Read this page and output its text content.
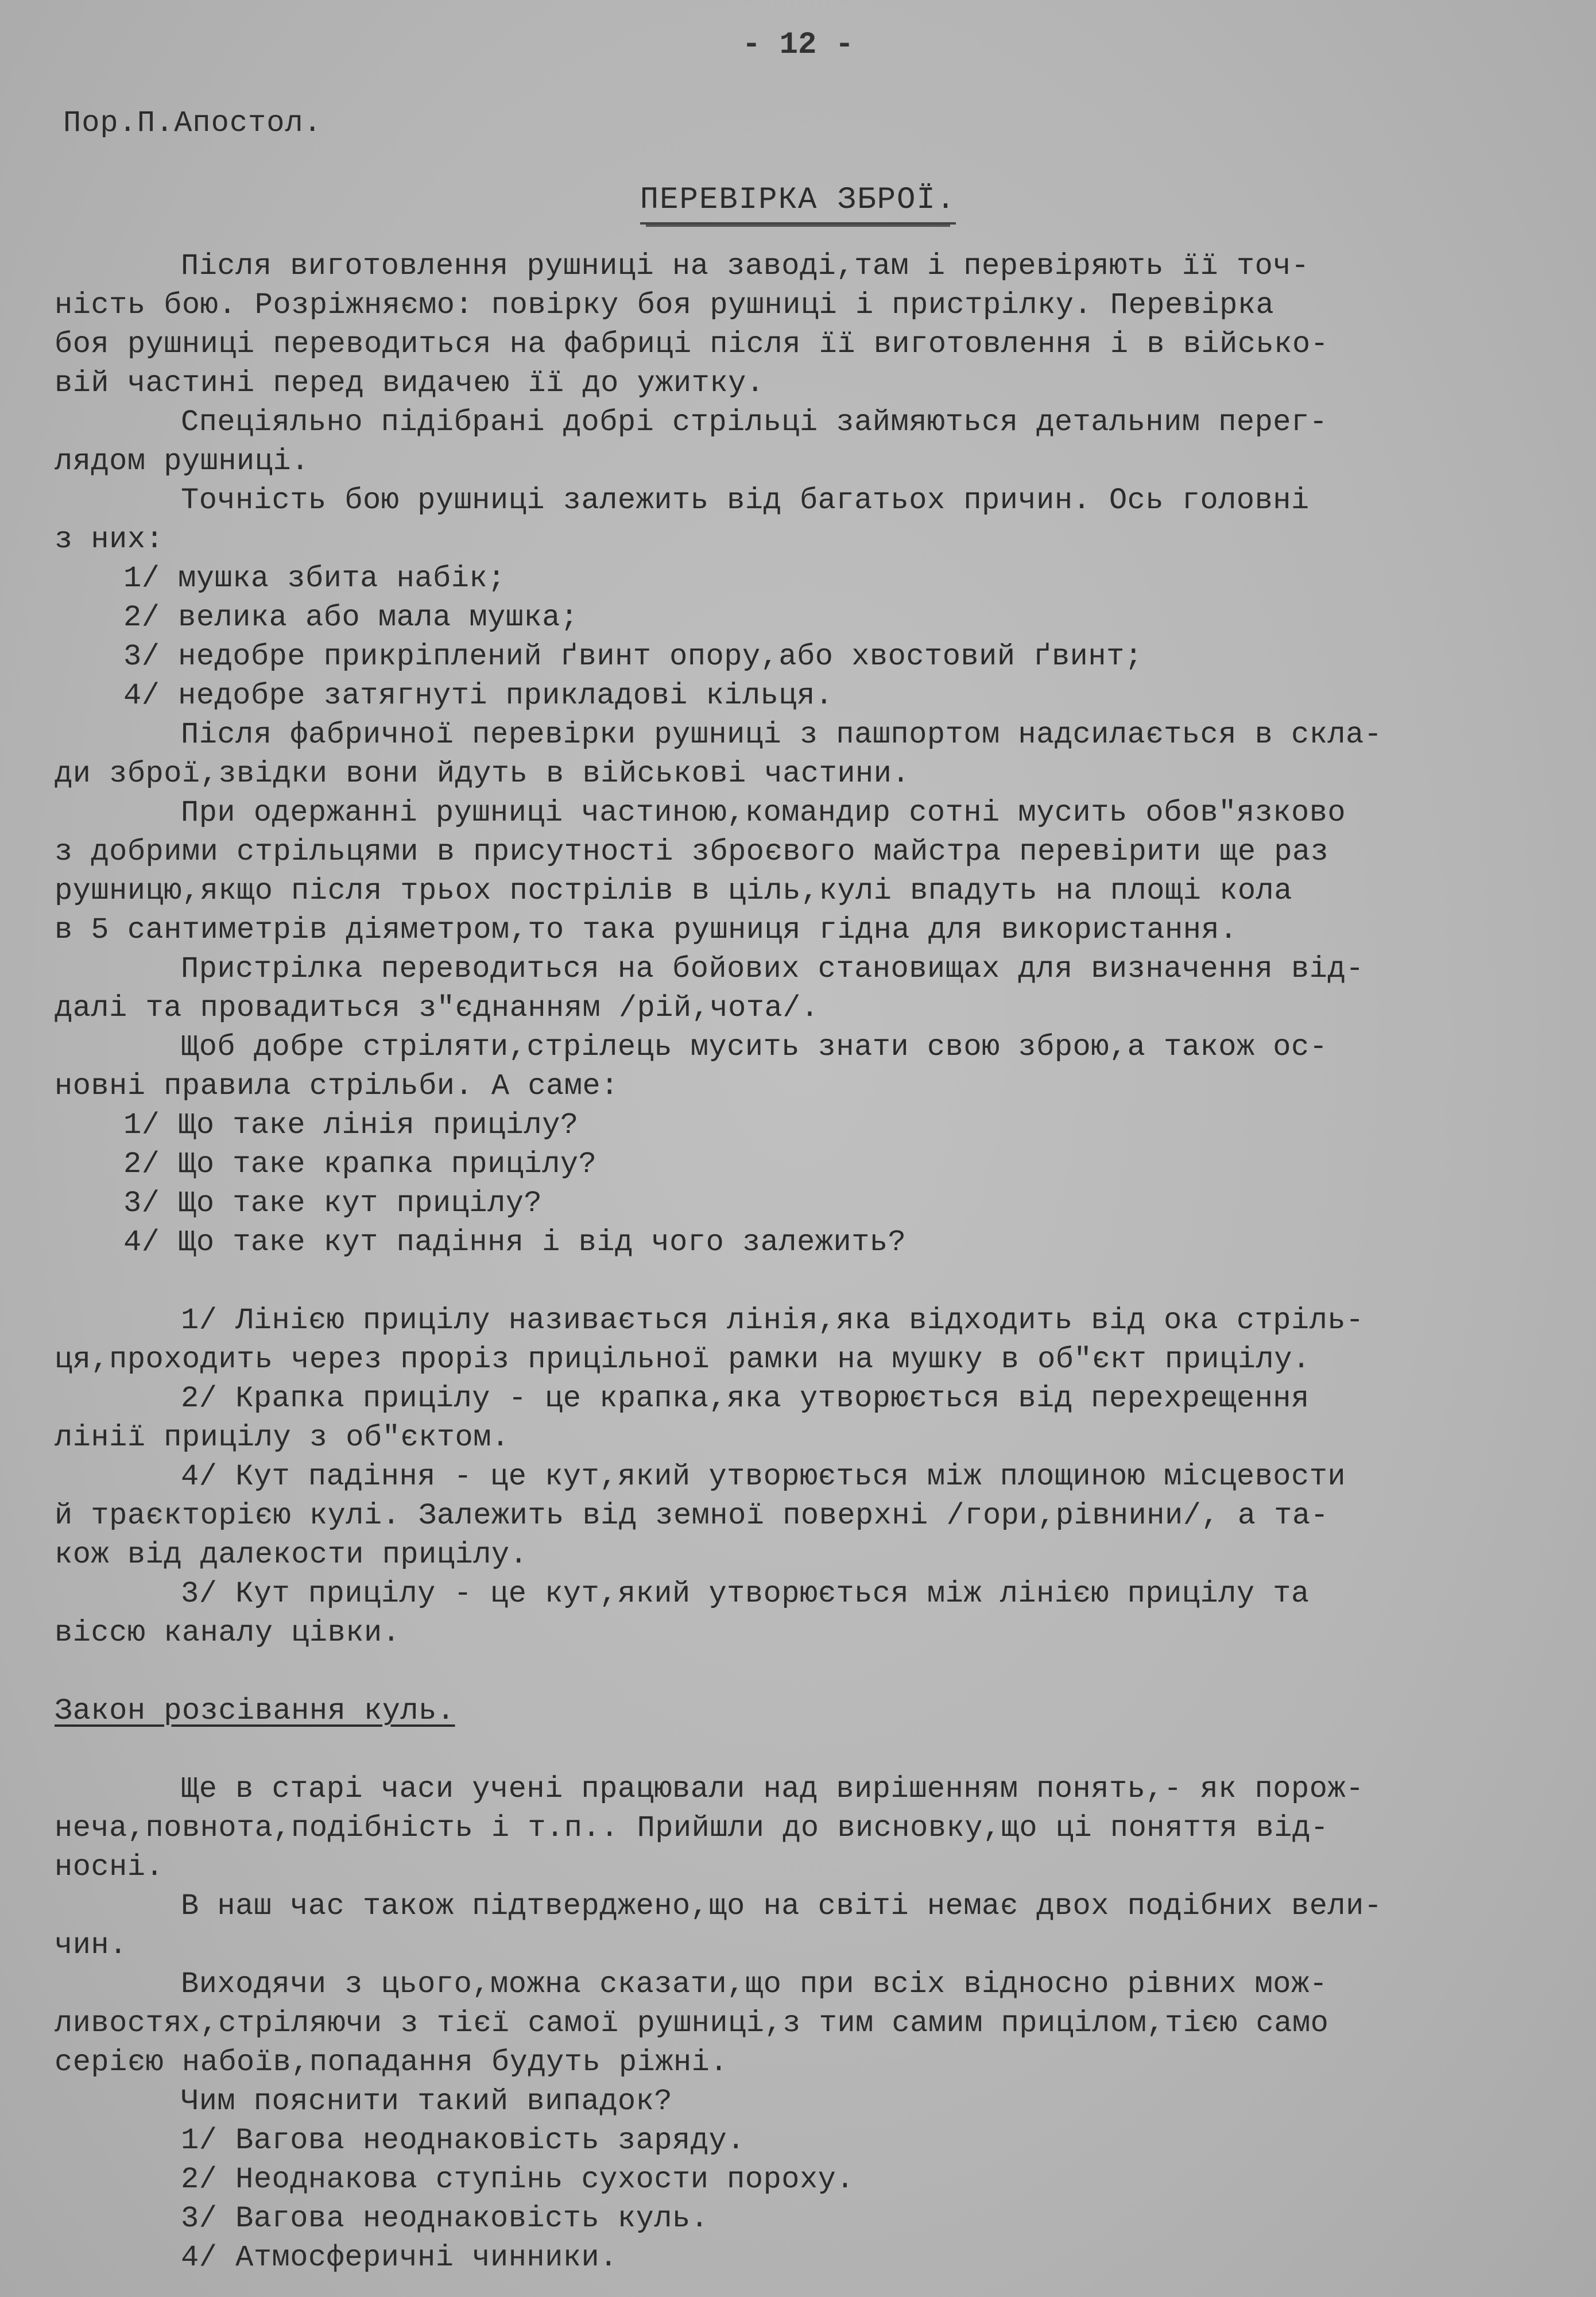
- 12 -
Пор.П.Апостол.
ПЕРЕВІРКА ЗБРОЇ.
Після виготовлення рушниці на заводі,там і перевіряють її точ-
ність бою. Розріжняємо: повірку боя рушниці і пристрілку. Перевірка
боя рушниці переводиться на фабриці після її виготовлення і в військо-
вій частині перед видачею її до ужитку.
Спеціяльно підібрані добрі стрільці займяються детальним перег-
лядом рушниці.
Точність бою рушниці залежить від багатьох причин. Ось головні
з них:
1/ мушка збита набік;
2/ велика або мала мушка;
3/ недобре прикріплений ґвинт опору,або хвостовий ґвинт;
4/ недобре затягнуті прикладові кільця.
Після фабричної перевірки рушниці з пашпортом надсилається в скла-
ди зброї,звідки вони йдуть в військові частини.
При одержанні рушниці частиною,командир сотні мусить обов"язково
з добрими стрільцями в присутності зброєвого майстра перевірити ще раз
рушницю,якщо після трьох пострілів в ціль,кулі впадуть на площі кола
в 5 сантиметрів діяметром,то така рушниця гідна для використання.
Пристрілка переводиться на бойових становищах для визначення від-
далі та провадиться з"єднанням /рій,чота/.
Щоб добре стріляти,стрілець мусить знати свою зброю,а також ос-
новні правила стрільби. А саме:
1/ Що таке лінія прицілу?
2/ Що таке крапка прицілу?
3/ Що таке кут прицілу?
4/ Що таке кут падіння і від чого залежить?
1/ Лінією прицілу називається лінія,яка відходить від ока стріль-
ця,проходить через проріз прицільної рамки на мушку в об"єкт прицілу.
2/ Крапка прицілу - це крапка,яка утворюється від перехрещення
лінії прицілу з об"єктом.
4/ Кут падіння - це кут,який утворюється між площиною місцевости
й траєкторією кулі. Залежить від земної поверхні /гори,рівнини/, а та-
кож від далекости прицілу.
3/ Кут прицілу - це кут,який утворюється між лінією прицілу та
віссю каналу цівки.
Закон розсівання куль.
Ще в старі часи учені працювали над вирішенням понять,- як порож-
неча,повнота,подібність і т.п.. Прийшли до висновку,що ці поняття від-
носні.
В наш час також підтверджено,що на світі немає двох подібних вели-
чин.
Виходячи з цього,можна сказати,що при всіх відносно рівних мож-
ливостях,стріляючи з тієї самої рушниці,з тим самим прицілом,тією само
серією набоїв,попадання будуть ріжні.
Чим пояснити такий випадок?
1/ Вагова неоднаковість заряду.
2/ Неоднакова ступінь сухости пороху.
3/ Вагова неоднаковість куль.
4/ Атмосферичні чинники.
